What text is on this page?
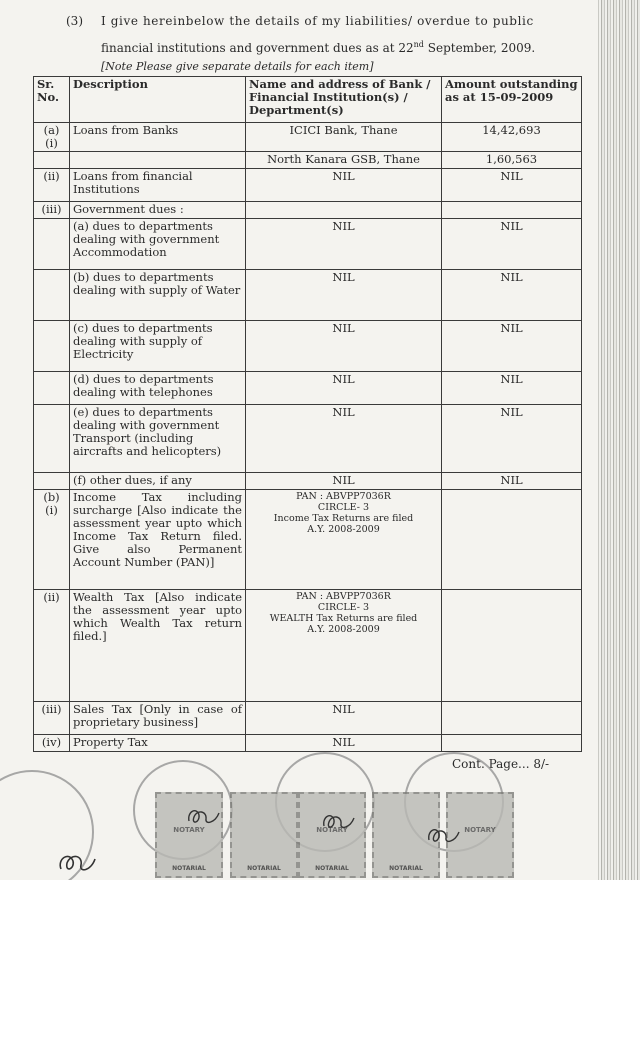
(3) I give hereinbelow the details of my liabilities/ overdue to public
financial institutions and government dues as at 22nd September, 2009.
[Note Please give separate details for each item]
Sr. No.	Description	Name and address of Bank / Financial Institution(s) / Department(s)	Amount outstanding as at 15-09-2009
(a) (i)	Loans from Banks	ICICI Bank, Thane	14,42,693
		North Kanara GSB, Thane	1,60,563
(ii)	Loans from financial Institutions	NIL	NIL
(iii)	Government dues :		
	(a) dues to departments dealing with government Accommodation	NIL	NIL
	(b) dues to departments dealing with supply of Water	NIL	NIL
	(c) dues to departments dealing with supply of Electricity	NIL	NIL
	(d) dues to departments dealing with telephones	NIL	NIL
	(e) dues to departments dealing with government Transport (including aircrafts and helicopters)	NIL	NIL
	(f) other dues, if any	NIL	NIL
(b) (i)	Income Tax including surcharge [Also indicate the assessment year upto which Income Tax Return filed. Give also Permanent Account Number (PAN)]	PAN : ABVPP7036R
CIRCLE- 3
Income Tax Returns are filed
A.Y. 2008-2009	

(ii)	Wealth Tax [Also indicate the assessment year upto which Wealth Tax return filed.]	PAN : ABVPP7036R
CIRCLE- 3
WEALTH Tax Returns are filed
A.Y. 2008-2009	

(iii)	Sales Tax [Only in case of proprietary business]	NIL	
(iv)	Property Tax	NIL	
Cont. Page... 8/-
NOTARY
NOTARIAL	NOTARIAL
NOTARY
NOTARIAL	NOTARIAL
NOTARY
